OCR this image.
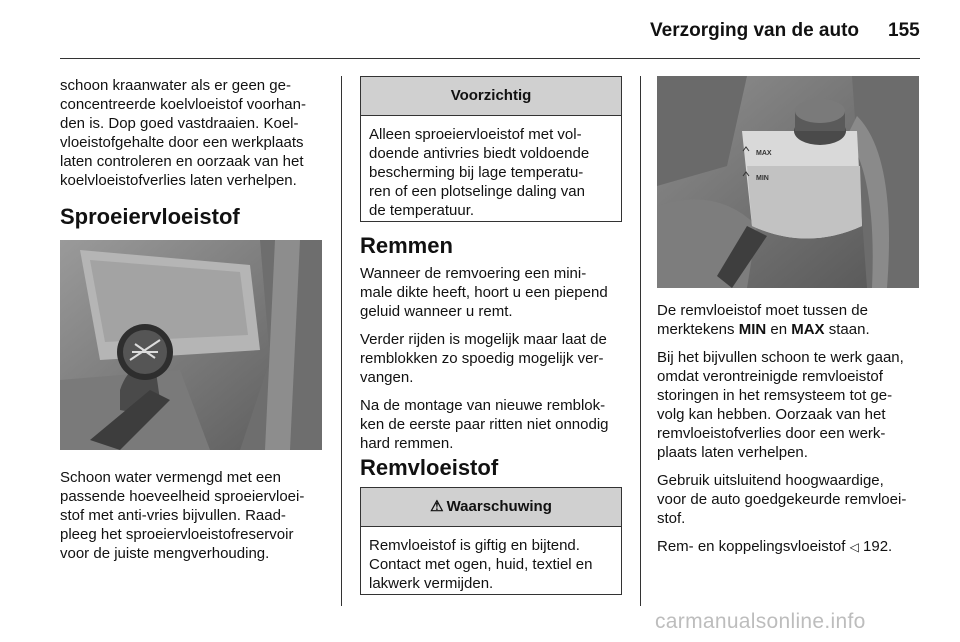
Verzorging van de auto 155
schoon kraanwater als er geen ge-
concentreerde koelvloeistof voorhan-
den is. Dop goed vastdraaien. Koel-
vloeistofgehalte door een werkplaats
laten controleren en oorzaak van het
koelvloeistofverlies laten verhelpen.
Sproeiervloeistof
Schoon water vermengd met een
passende hoeveelheid sproeiervloei-
stof met anti-vries bijvullen. Raad-
pleeg het sproeiervloeistofreservoir
voor de juiste mengverhouding.
Voorzichtig
Alleen sproeiervloeistof met vol-
doende antivries biedt voldoende
bescherming bij lage temperatu-
ren of een plotselinge daling van
de temperatuur.
Remmen

Wanneer de remvoering een mini-
male dikte heeft, hoort u een piepend
geluid wanneer u remt.

Verder rijden is mogelijk maar laat de
remblokken zo spoedig mogelijk ver-
vangen.

Na de montage van nieuwe remblok-
ken de eerste paar ritten niet onnodig
hard remmen.

Remvloeistof
⚠ Waarschuwing
Remvloeistof is giftig en bijtend.
Contact met ogen, huid, textiel en
lakwerk vermijden.
MAX
MIN

De remvloeistof moet tussen de
merktekens MIN en MAX staan.

Bij het bijvullen schoon te werk gaan,
omdat verontreinigde remvloeistof
storingen in het remsysteem tot ge-
volg kan hebben. Oorzaak van het
remvloeistofverlies door een werk-
plaats laten verhelpen.

Gebruik uitsluitend hoogwaardige,
voor de auto goedgekeurde remvloei-
stof.

Rem- en koppelingsvloeistof ◁ 192.

carmanualsonline.info
